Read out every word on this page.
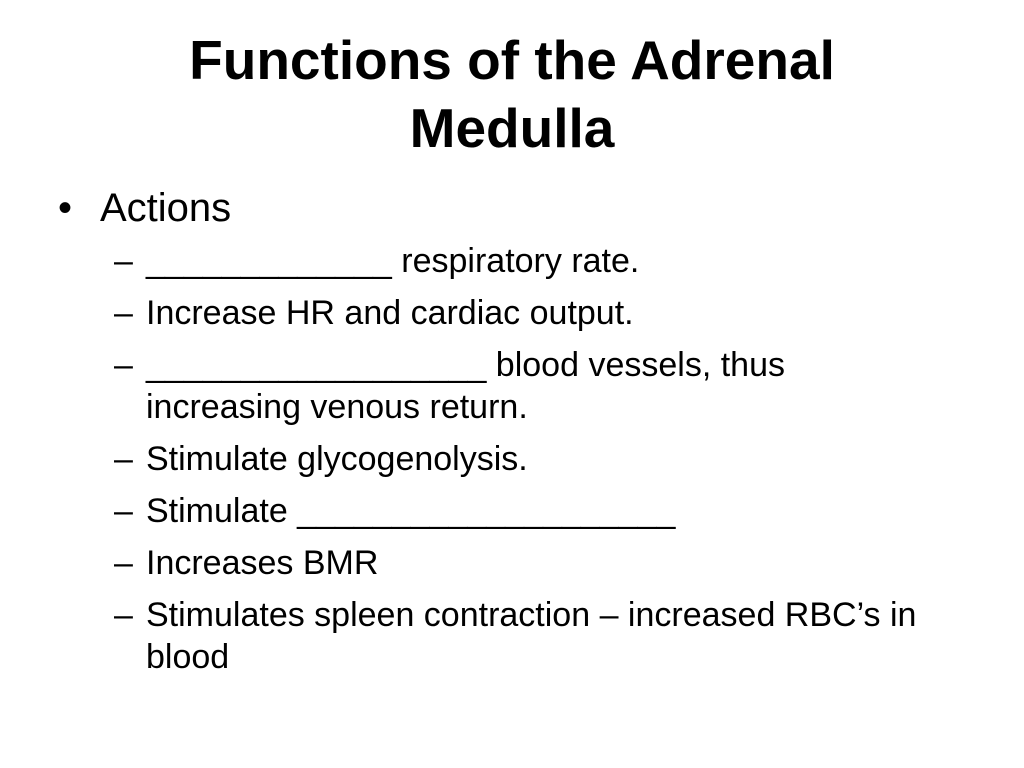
Functions of the Adrenal
Medulla
• Actions
– _____________ respiratory rate.
– Increase HR and cardiac output.
– __________________ blood vessels, thus increasing venous return.
– Stimulate glycogenolysis.
– Stimulate ____________________
– Increases BMR
– Stimulates spleen contraction – increased RBC’s in blood
